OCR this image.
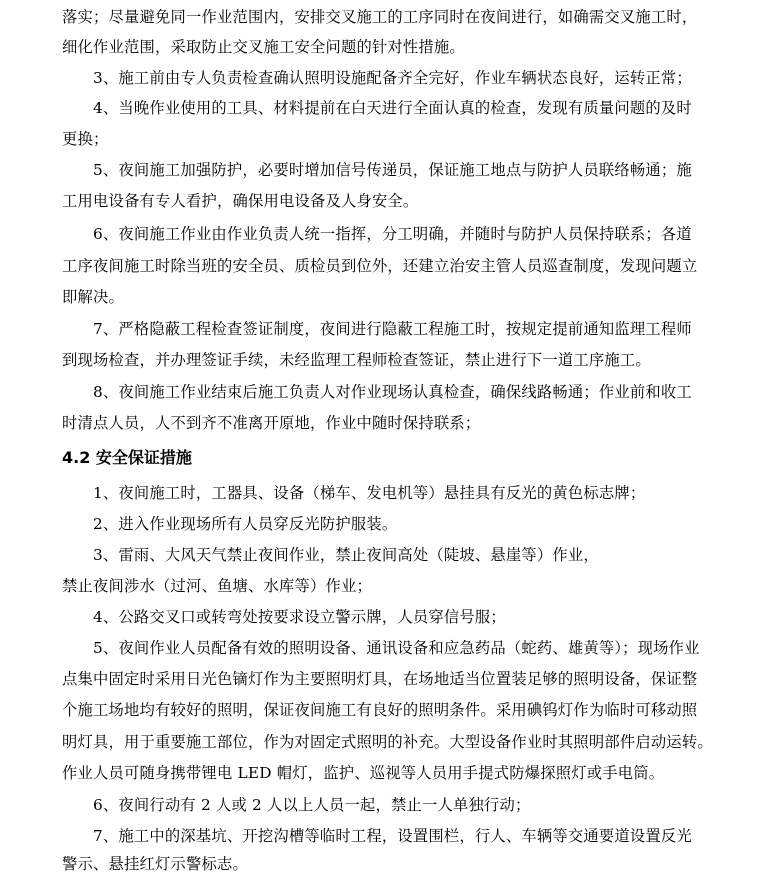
落实；尽量避免同一作业范围内，安排交叉施工的工序同时在夜间进行，如确需交叉施工时，
细化作业范围，采取防止交叉施工安全问题的针对性措施。
3、施工前由专人负责检查确认照明设施配备齐全完好，作业车辆状态良好，运转正常；
4、当晚作业使用的工具、材料提前在白天进行全面认真的检查，发现有质量问题的及时
更换；
5、夜间施工加强防护，必要时增加信号传递员，保证施工地点与防护人员联络畅通；施
工用电设备有专人看护，确保用电设备及人身安全。
6、夜间施工作业由作业负责人统一指挥，分工明确，并随时与防护人员保持联系；各道
工序夜间施工时除当班的安全员、质检员到位外，还建立治安主管人员巡查制度，发现问题立
即解决。
7、严格隐蔽工程检查签证制度，夜间进行隐蔽工程施工时，按规定提前通知监理工程师
到现场检查，并办理签证手续，未经监理工程师检查签证，禁止进行下一道工序施工。
8、夜间施工作业结束后施工负责人对作业现场认真检查，确保线路畅通；作业前和收工
时清点人员，人不到齐不准离开原地，作业中随时保持联系；
4.2 安全保证措施
1、夜间施工时，工器具、设备（梯车、发电机等）悬挂具有反光的黄色标志牌；
2、进入作业现场所有人员穿反光防护服装。
3、雷雨、大风天气禁止夜间作业，禁止夜间高处（陡坡、悬崖等）作业，
禁止夜间涉水（过河、鱼塘、水库等）作业；
4、公路交叉口或转弯处按要求设立警示牌，人员穿信号服；
5、夜间作业人员配备有效的照明设备、通讯设备和应急药品（蛇药、雄黄等）；现场作业
点集中固定时采用日光色镝灯作为主要照明灯具，在场地适当位置装足够的照明设备，保证整
个施工场地均有较好的照明，保证夜间施工有良好的照明条件。采用碘钨灯作为临时可移动照
明灯具，用于重要施工部位，作为对固定式照明的补充。大型设备作业时其照明部件启动运转。
作业人员可随身携带锂电 LED 帽灯，监护、巡视等人员用手提式防爆探照灯或手电筒。
6、夜间行动有 2 人或 2 人以上人员一起，禁止一人单独行动；
7、施工中的深基坑、开挖沟槽等临时工程，设置围栏，行人、车辆等交通要道设置反光
警示、悬挂红灯示警标志。
